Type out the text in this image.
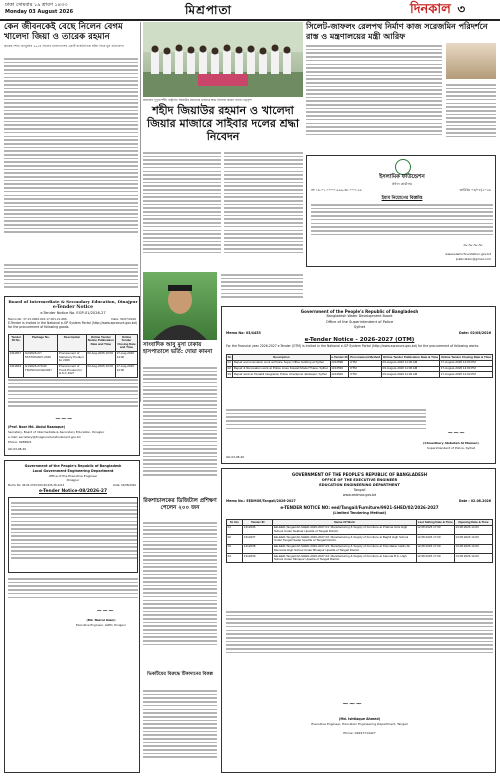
ঢাকা সোমবার ১৯ শ্রাবণ ১৪৩৩
Monday 03 August 2026	মিশ্রপাতা	দিনকাল ৩
কেন জীবনকেই বেছে নিলেন বেগম খালেদা জিয়া ও তারেক রহমান
কাকের দর্শন। জানুয়ারি ২০২৪ সালের বাংলাদেশের একটি রাজনৈতিক ঘটনা নিয়ে মূল প্রতিবেদন
মঙ্গলবার দুপুরে শহীদ রাষ্ট্রপতি জিয়াউর রহমানের মাজারে শ্রদ্ধা নিবেদন করেন দলের নেতৃবৃন্দ
সিলেট-জাফলং রেলপথ নির্মাণ কাজ সরেজমিন পরিদর্শনে রাস্ত ও মন্ত্রণালয়ের মন্ত্রী আরিফ
শহীদ জিয়াউর রহমান ও খালেদা জিয়ার মাজারে সাইবার দলের শ্রদ্ধা নিবেদন
ইসলামিক ফাউন্ডেশন
প্রধান কার্যালয়
নং ১৬.০১.০০০০.৯৯৯.৩৮.০০৭.২৬	তারিখঃ ০৩/০৮/২০২৬
ইমাম নিয়োগের বিজ্ঞপ্তি
~~~~
www.islamicfoundation.gov.bd
publication@gmail.com
Board of Intermediate & Secondary Education, Dinajpur
e-Tender Notice
e-Tender Notice No. EGP-01/2026-27
Memo No: 37.15.0000.001.17.001.21.666	Date: 30/07/2026
E-Tender is invited in the National e-GP System Portal (http://www.eprocure.gov.bd) for the procurement of following goods.
Tender ID No.	Package No.	Description	Online Tender Notice Publication Date and Time	Online Tender Closing Date and Time
1311817	G2/2026-27/ STATIONARY-2026	Procurement of Stationary Product for 2026	03-Aug-2026 10:00	17-Aug-2026 14:00
1311843	G1/2026-27/GD/ TRUNK/ACCE/2027	Procurement of Trunk Product for H.S.C 2027	03-Aug-2026 10:00	17-Aug-2026 14:00
~~~
(Prof. Noor Md. Abdul Razzaque)
Secretary, Board of Intermediate & Secondary Education, Dinajpur
e-mail: secretary@dinajpureducationboard.gov.bd
Phone: 0288821
GD-03-08-26
সাংবাদিক আবু মুসা ঢাকায় হাসপাতালে ভর্তি: দোয়া কামনা
Government of the People's Republic of Bangladesh
Office of the Superintendent of Police
Sylhet
Bangladesh Water Development Board
Memo No: 03/4453	Date: 02/08/2026
e-Tender Notice - 2026-2027 (OTM)
For the financial year 2026-2027 e-Tender (OTM) is invited in the National e-GP System Portal (http://www.eprocure.gov.bd) for the procurement of following works:
SL	Description	e-Tender ID	Procurement Method	Online Tender Publication Date & Time	Online Tender Closing Date & Time
01	Repair and renovation work at Police Super Office building at Sylhet	1314598	OTM	03-August-2026 11:00 AM	17-August-2026 14:00 PM
02	Repair & Renovation work at Police Lines Kotwali Model Thana, Sylhet	1314599	OTM	03-August-2026 11:00 AM	17-August-2026 14:00 PM
03	Repair work at Tamabil Integration Police Checkpost Jaintiapur, Sylhet	1314600	OTM	03-August-2026 11:00 AM	17-August-2026 14:00 PM
~~~
(Chowdhury Abdullah Al Mamun)
Superintendent of Police, Sylhet
GD-03-08-26
রিকশাচালকের ডিজিটাল প্রশিক্ষণ পেলেন ২০০ জন
ভিকটিমের বিরুদ্ধে টিকাদানের বিকল্প
Government of the People's Republic of Bangladesh
Local Government Engineering Department
Office of the Executive Engineer
Dinajpur
Memo No: 46.02.2700.000.99.045.26-2213	Date: 02/08/2026
e-Tender Notice-08/2026-27
~~~
(Md. Nazrul Islam)
Executive Engineer, LGED, Dinajpur
GOVERNMENT OF THE PEOPLE'S REPUBLIC OF BANGLADESH
OFFICE OF THE EXECUTIVE ENGINEER
EDUCATION ENGINEERING DEPARTMENT
Tangail
www.eedmoe.gov.bd
Memo No.: EEDMOE/Tangail/2026-2027	Date : 02.08.2026
e-TENDER NOTICE NO: eed/Tangail/Furniture/9921-SHED/02/2026-2027
(Limited Tendering Method)
Sl. No.	Tender ID	Name Of Work	Last Selling Date & Time	Opening Date & Time
01	1312636	EE-EED-Tangail-02-SHED-2026-2027-01: Manufacturing & Supply of Furniture at Pratima Girls High School Under Delduar Upazila of Tangail District.	12.08.2026 17:00	13.08.2026 14:00
02	1312637	EE-EED-Tangail-02-SHED-2026-2027-02: Manufacturing & Supply of Furniture at Baghil High School Under Tangail Sadar Upazila of Tangail District.	12.08.2026 17:00	13.08.2026 14:00
03	1312638	EE-EED-Tangail-02-SHED-2026-2027-03: Manufacturing & Supply of Furniture at Khondaker Halim Ali Memorial High School Under Bhuapur Upazila of Tangail District.	12.08.2026 17:00	13.08.2026 14:00
04	1312639	EE-EED-Tangail-02-SHED-2026-2027-04: Manufacturing & Supply of Furniture at Kamuta B.K. High School Under Mirzapur Upazila of Tangail District.	12.08.2026 17:00	13.08.2026 14:00
~~~
(Md. Ishtiaque Ahmed)
Executive Engineer, Education Engineering Department, Tangail
Phone: 02997714427
